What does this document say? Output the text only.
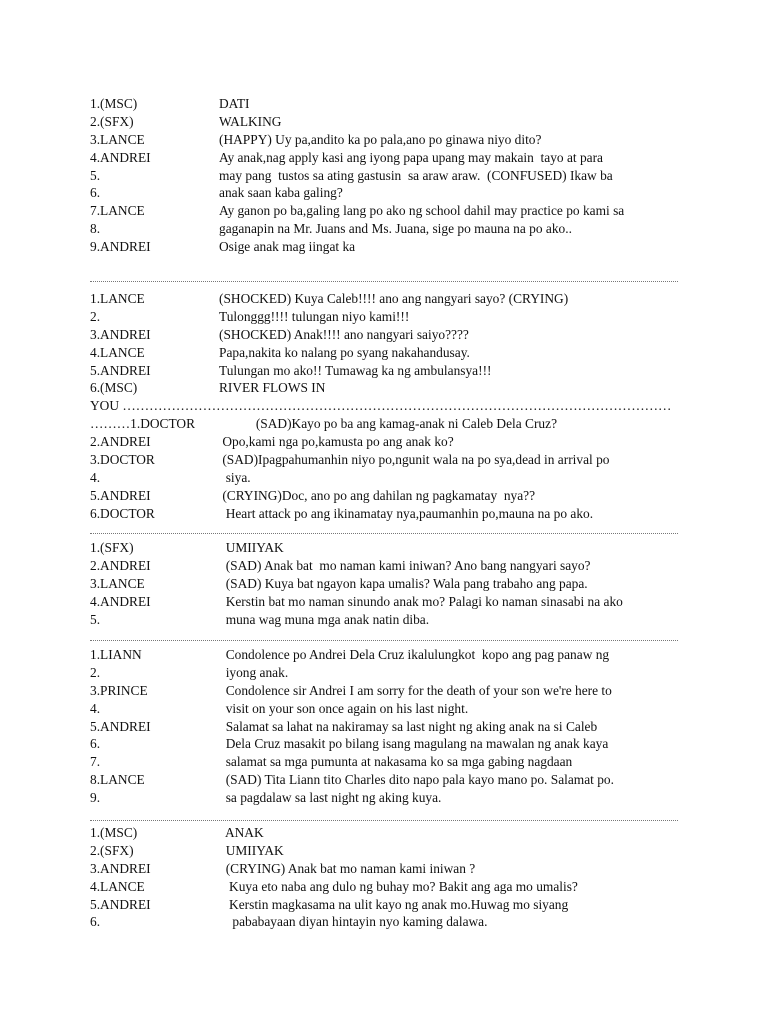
1.(MSC)	DATI
2.(SFX)	WALKING
3.LANCE	(HAPPY) Uy pa,andito ka po pala,ano po ginawa niyo dito?
4.ANDREI	Ay anak,nag apply kasi ang iyong papa upang may makain  tayo at para
5.	may pang  tustos sa ating gastusin  sa araw araw.  (CONFUSED) Ikaw ba
6.	anak saan kaba galing?
7.LANCE	Ay ganon po ba,galing lang po ako ng school dahil may practice po kami sa
8.	gaganapin na Mr. Juans and Ms. Juana, sige po mauna na po ako..
9.ANDREI	Osige anak mag iingat ka
1.LANCE	(SHOCKED) Kuya Caleb!!!! ano ang nangyari sayo? (CRYING)
2.	Tulonggg!!!! tulungan niyo kami!!!
3.ANDREI	(SHOCKED) Anak!!!! ano nangyari saiyo????
4.LANCE	Papa,nakita ko nalang po syang nakahandusay.
5.ANDREI	Tulungan mo ako!! Tumawag ka ng ambulansya!!!
6.(MSC)	RIVER FLOWS IN
YOU ……………………………………………………………………………………………………………
………1.DOCTOR (SAD)Kayo po ba ang kamag-anak ni Caleb Dela Cruz?
2.ANDREI	Opo,kami nga po,kamusta po ang anak ko?
3.DOCTOR	(SAD)Ipagpahumanhin niyo po,ngunit wala na po sya,dead in arrival po
4.	siya.
5.ANDREI	(CRYING)Doc, ano po ang dahilan ng pagkamatay  nya??
6.DOCTOR	Heart attack po ang ikinamatay nya,paumanhin po,mauna na po ako.
1.(SFX)	UMIIYAK
2.ANDREI	(SAD) Anak bat  mo naman kami iniwan? Ano bang nangyari sayo?
3.LANCE	(SAD) Kuya bat ngayon kapa umalis? Wala pang trabaho ang papa.
4.ANDREI	Kerstin bat mo naman sinundo anak mo? Palagi ko naman sinasabi na ako
5.	muna wag muna mga anak natin diba.
1.LIANN	Condolence po Andrei Dela Cruz ikalulungkot  kopo ang pag panaw ng
2.	iyong anak.
3.PRINCE	Condolence sir Andrei I am sorry for the death of your son we're here to
4.	visit on your son once again on his last night.
5.ANDREI	Salamat sa lahat na nakiramay sa last night ng aking anak na si Caleb
6.	Dela Cruz masakit po bilang isang magulang na mawalan ng anak kaya
7.	salamat sa mga pumunta at nakasama ko sa mga gabing nagdaan
8.LANCE	(SAD) Tita Liann tito Charles dito napo pala kayo mano po. Salamat po.
9.	sa pagdalaw sa last night ng aking kuya.
1.(MSC)	ANAK
2.(SFX)	UMIIYAK
3.ANDREI	(CRYING) Anak bat mo naman kami iniwan ?
4.LANCE	Kuya eto naba ang dulo ng buhay mo? Bakit ang aga mo umalis?
5.ANDREI	Kerstin magkasama na ulit kayo ng anak mo.Huwag mo siyang
6.	pababayaan diyan hintayin nyo kaming dalawa.
